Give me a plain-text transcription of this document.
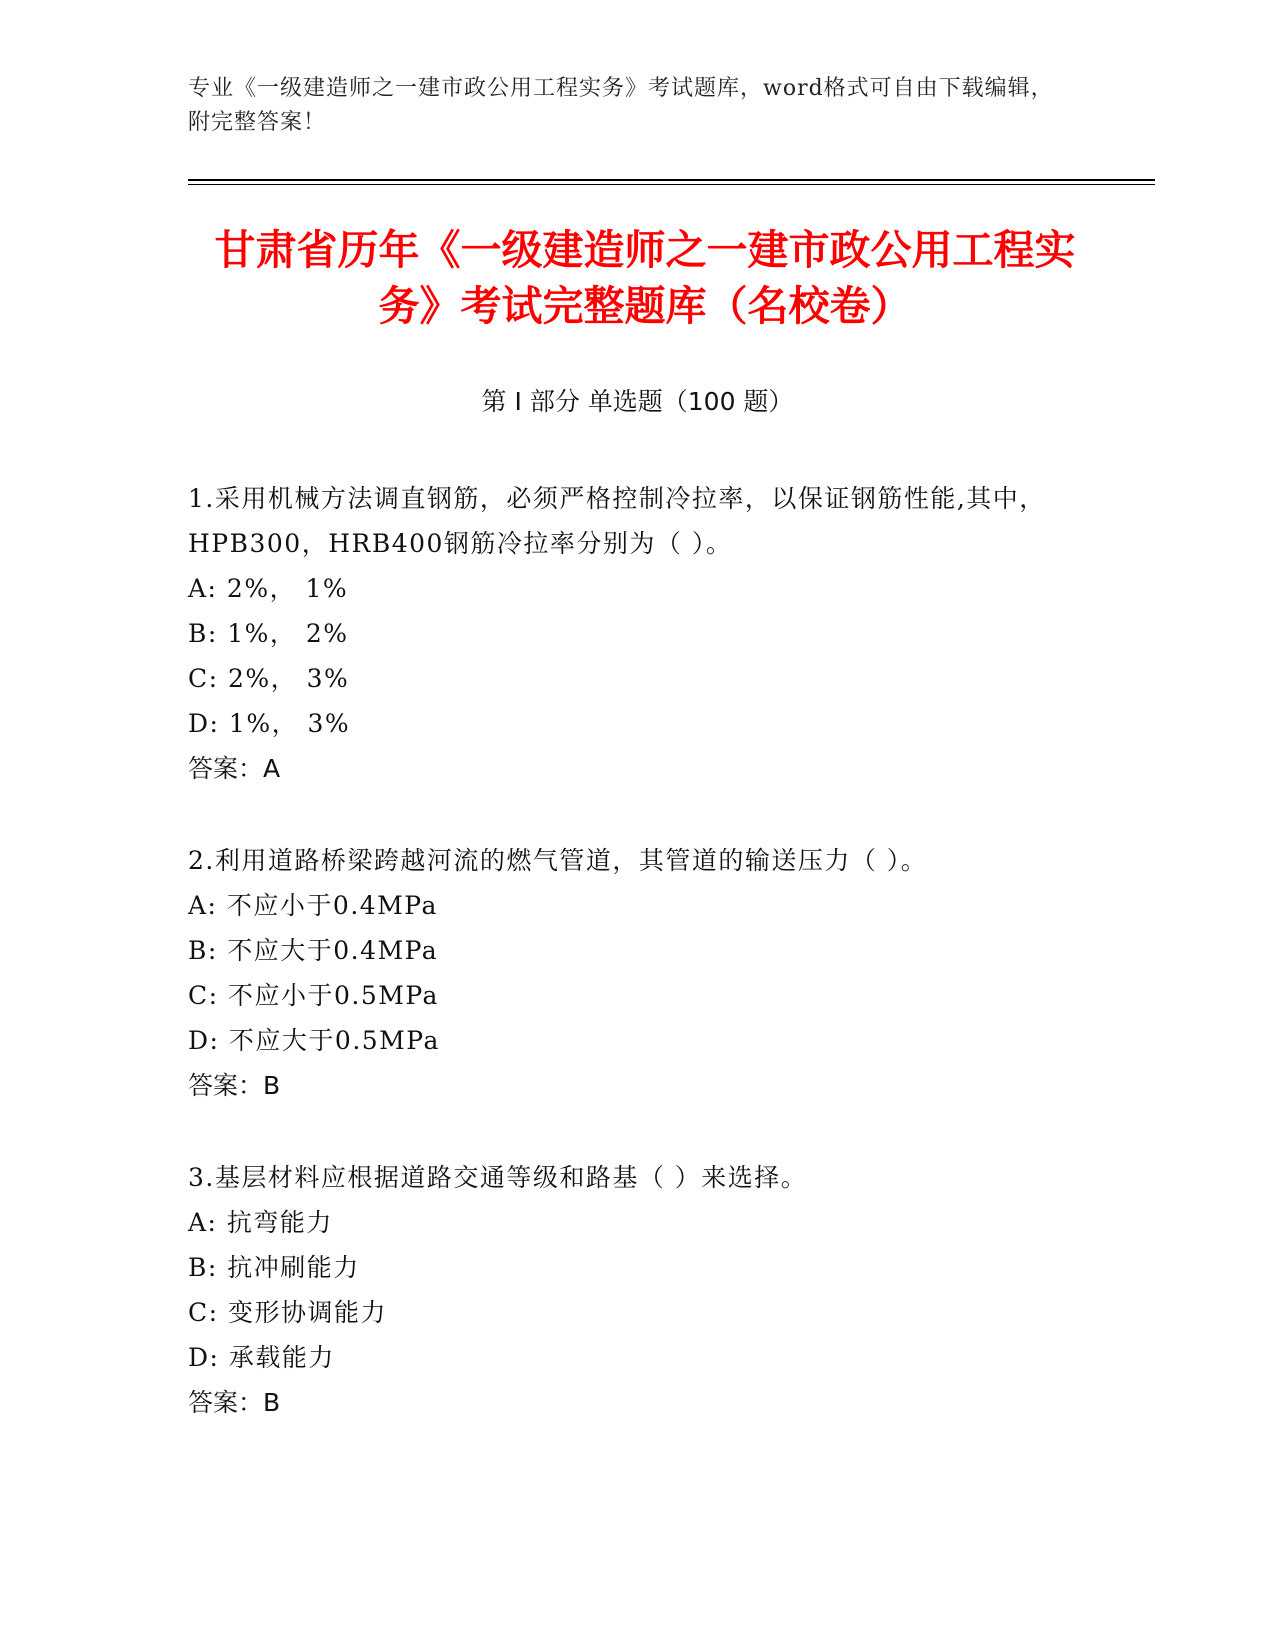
专业《一级建造师之一建市政公用工程实务》考试题库，word格式可自由下载编辑，附完整答案！
甘肃省历年《一级建造师之一建市政公用工程实务》考试完整题库（名校卷）
第 I 部分 单选题（100 题）

1.采用机械方法调直钢筋，必须严格控制冷拉率，以保证钢筋性能,其中，HPB300，HRB400钢筋冷拉率分别为（ ）。

A: 2%， 1%

B: 1%， 2%

C: 2%， 3%

D: 1%， 3%

答案：A

2.利用道路桥梁跨越河流的燃气管道，其管道的输送压力（ ）。

A: 不应小于0.4MPa

B: 不应大于0.4MPa

C: 不应小于0.5MPa

D: 不应大于0.5MPa

答案：B

3.基层材料应根据道路交通等级和路基（ ）来选择。

A: 抗弯能力

B: 抗冲刷能力

C: 变形协调能力

D: 承载能力

答案：B
